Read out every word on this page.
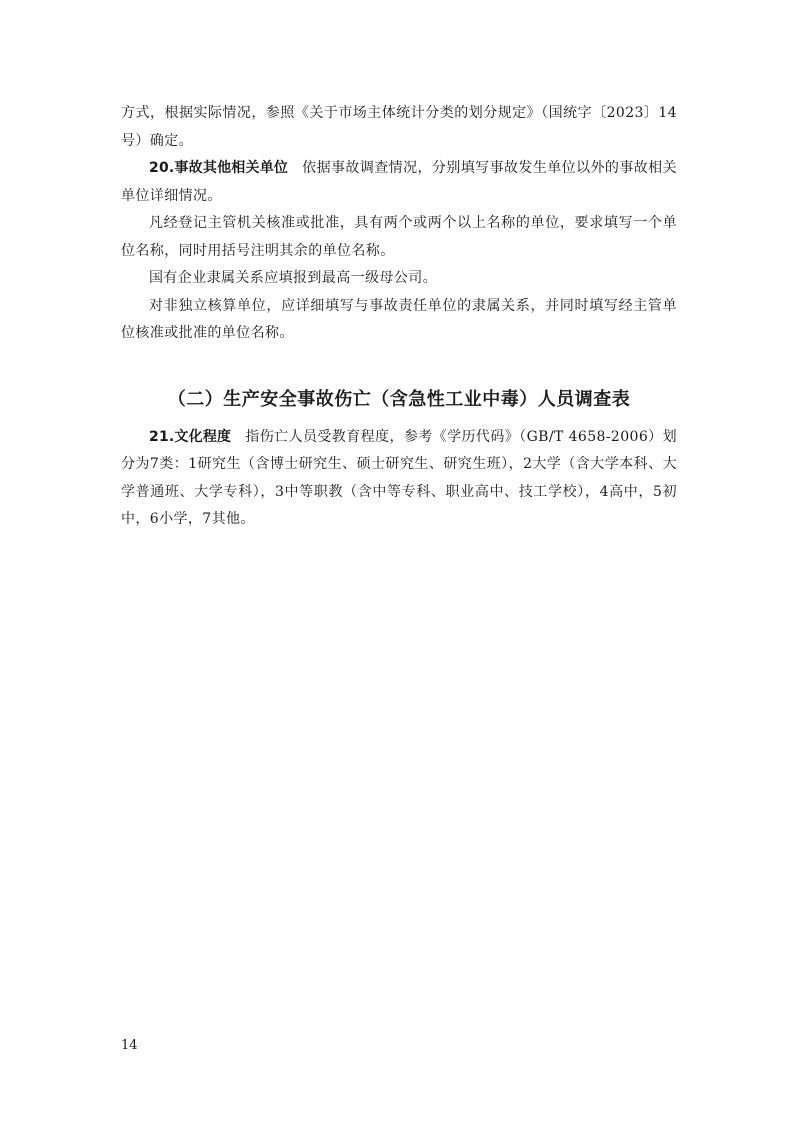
方式，根据实际情况，参照《关于市场主体统计分类的划分规定》（国统字〔2023〕14号）确定。

20.事故其他相关单位 依据事故调查情况，分别填写事故发生单位以外的事故相关单位详细情况。

凡经登记主管机关核准或批准，具有两个或两个以上名称的单位，要求填写一个单位名称，同时用括号注明其余的单位名称。

国有企业隶属关系应填报到最高一级母公司。

对非独立核算单位，应详细填写与事故责任单位的隶属关系，并同时填写经主管单位核准或批准的单位名称。

（二）生产安全事故伤亡（含急性工业中毒）人员调查表

21.文化程度 指伤亡人员受教育程度，参考《学历代码》（GB/T 4658-2006）划分为7类：1研究生（含博士研究生、硕士研究生、研究生班），2大学（含大学本科、大学普通班、大学专科），3中等职教（含中等专科、职业高中、技工学校），4高中，5初中，6小学，7其他。

14
